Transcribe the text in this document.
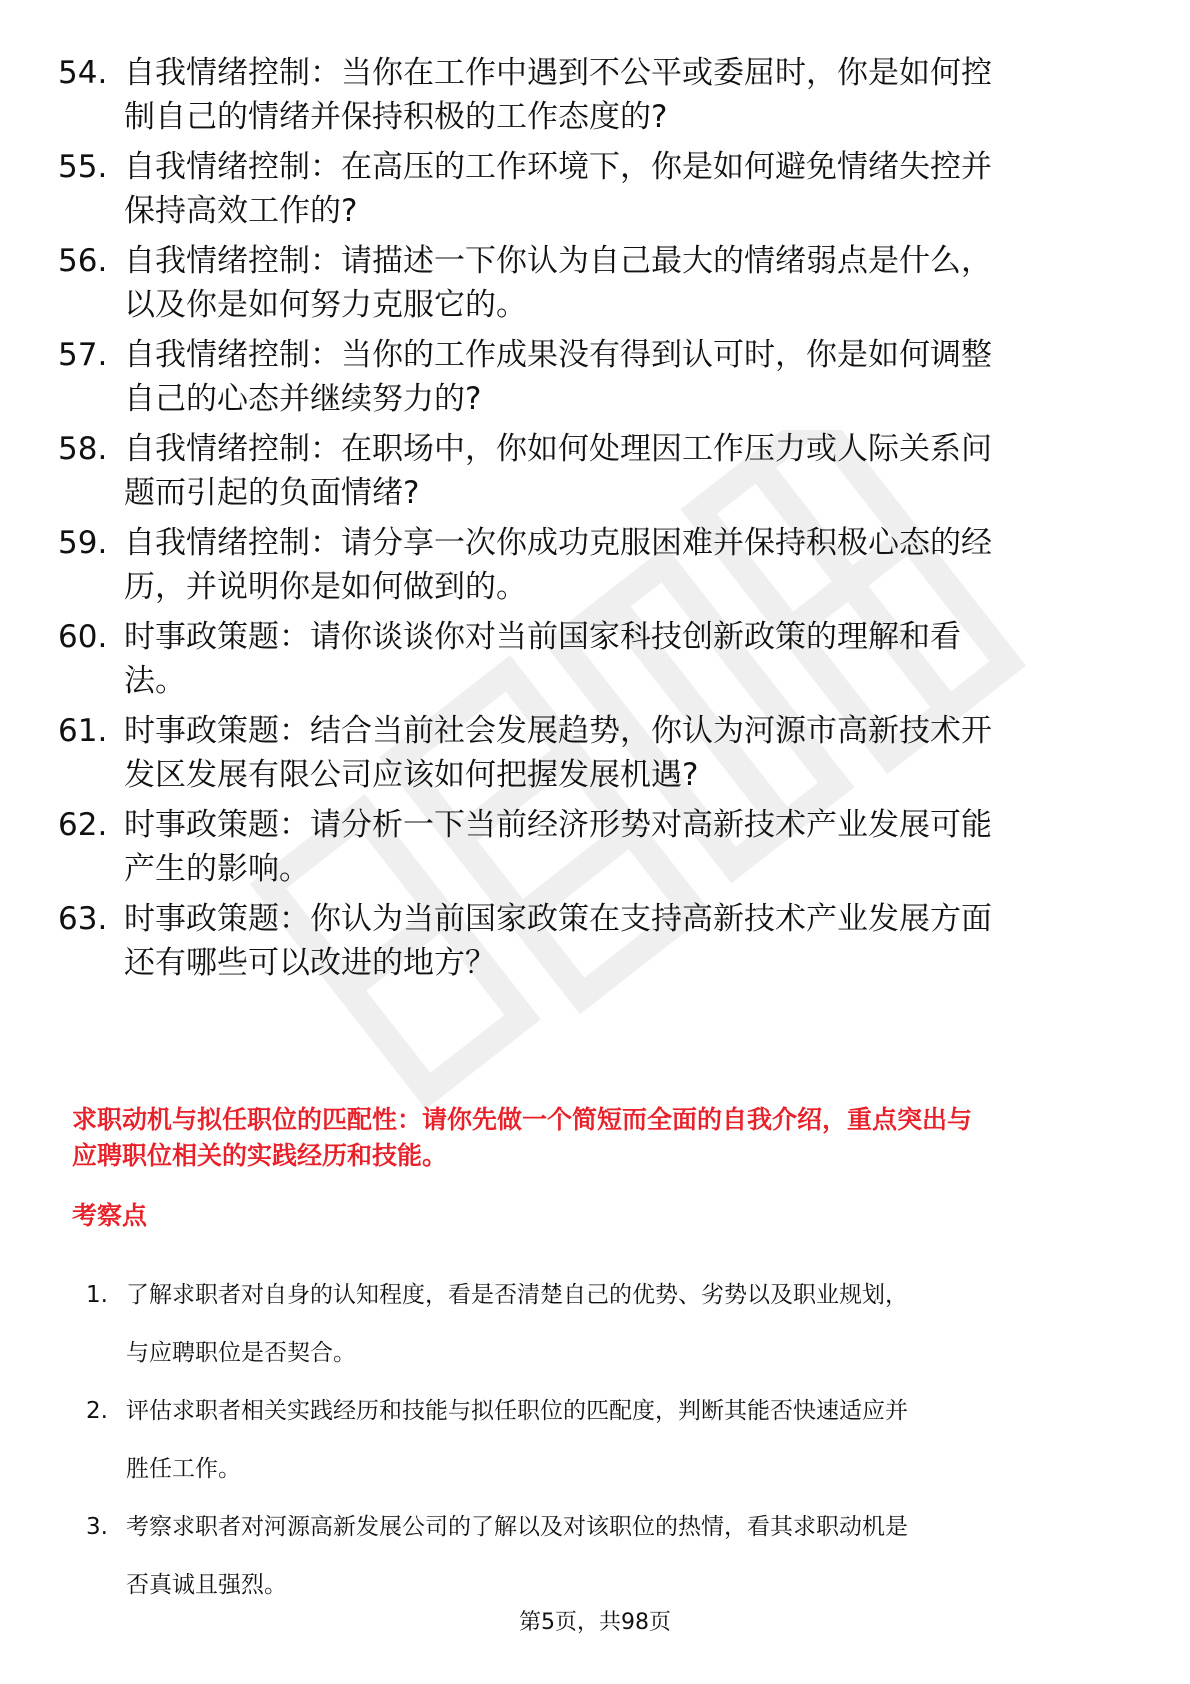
54. 自我情绪控制：当你在工作中遇到不公平或委屈时，你是如何控
制自己的情绪并保持积极的工作态度的?
55. 自我情绪控制：在高压的工作环境下，你是如何避免情绪失控并
保持高效工作的?
56. 自我情绪控制：请描述一下你认为自己最大的情绪弱点是什么，
以及你是如何努力克服它的。
57. 自我情绪控制：当你的工作成果没有得到认可时，你是如何调整
自己的心态并继续努力的?
58. 自我情绪控制：在职场中，你如何处理因工作压力或人际关系问
题而引起的负面情绪?
59. 自我情绪控制：请分享一次你成功克服困难并保持积极心态的经
历，并说明你是如何做到的。
60. 时事政策题：请你谈谈你对当前国家科技创新政策的理解和看
法。
61. 时事政策题：结合当前社会发展趋势，你认为河源市高新技术开
发区发展有限公司应该如何把握发展机遇?
62. 时事政策题：请分析一下当前经济形势对高新技术产业发展可能
产生的影响。
63. 时事政策题：你认为当前国家政策在支持高新技术产业发展方面
还有哪些可以改进的地方？
求职动机与拟任职位的匹配性：请你先做一个简短而全面的自我介绍，重点突出与
应聘职位相关的实践经历和技能。
考察点
1. 了解求职者对自身的认知程度，看是否清楚自己的优势、劣势以及职业规划，
与应聘职位是否契合。
2. 评估求职者相关实践经历和技能与拟任职位的匹配度，判断其能否快速适应并
胜任工作。
3. 考察求职者对河源高新发展公司的了解以及对该职位的热情，看其求职动机是
否真诚且强烈。
第5页，共98页
